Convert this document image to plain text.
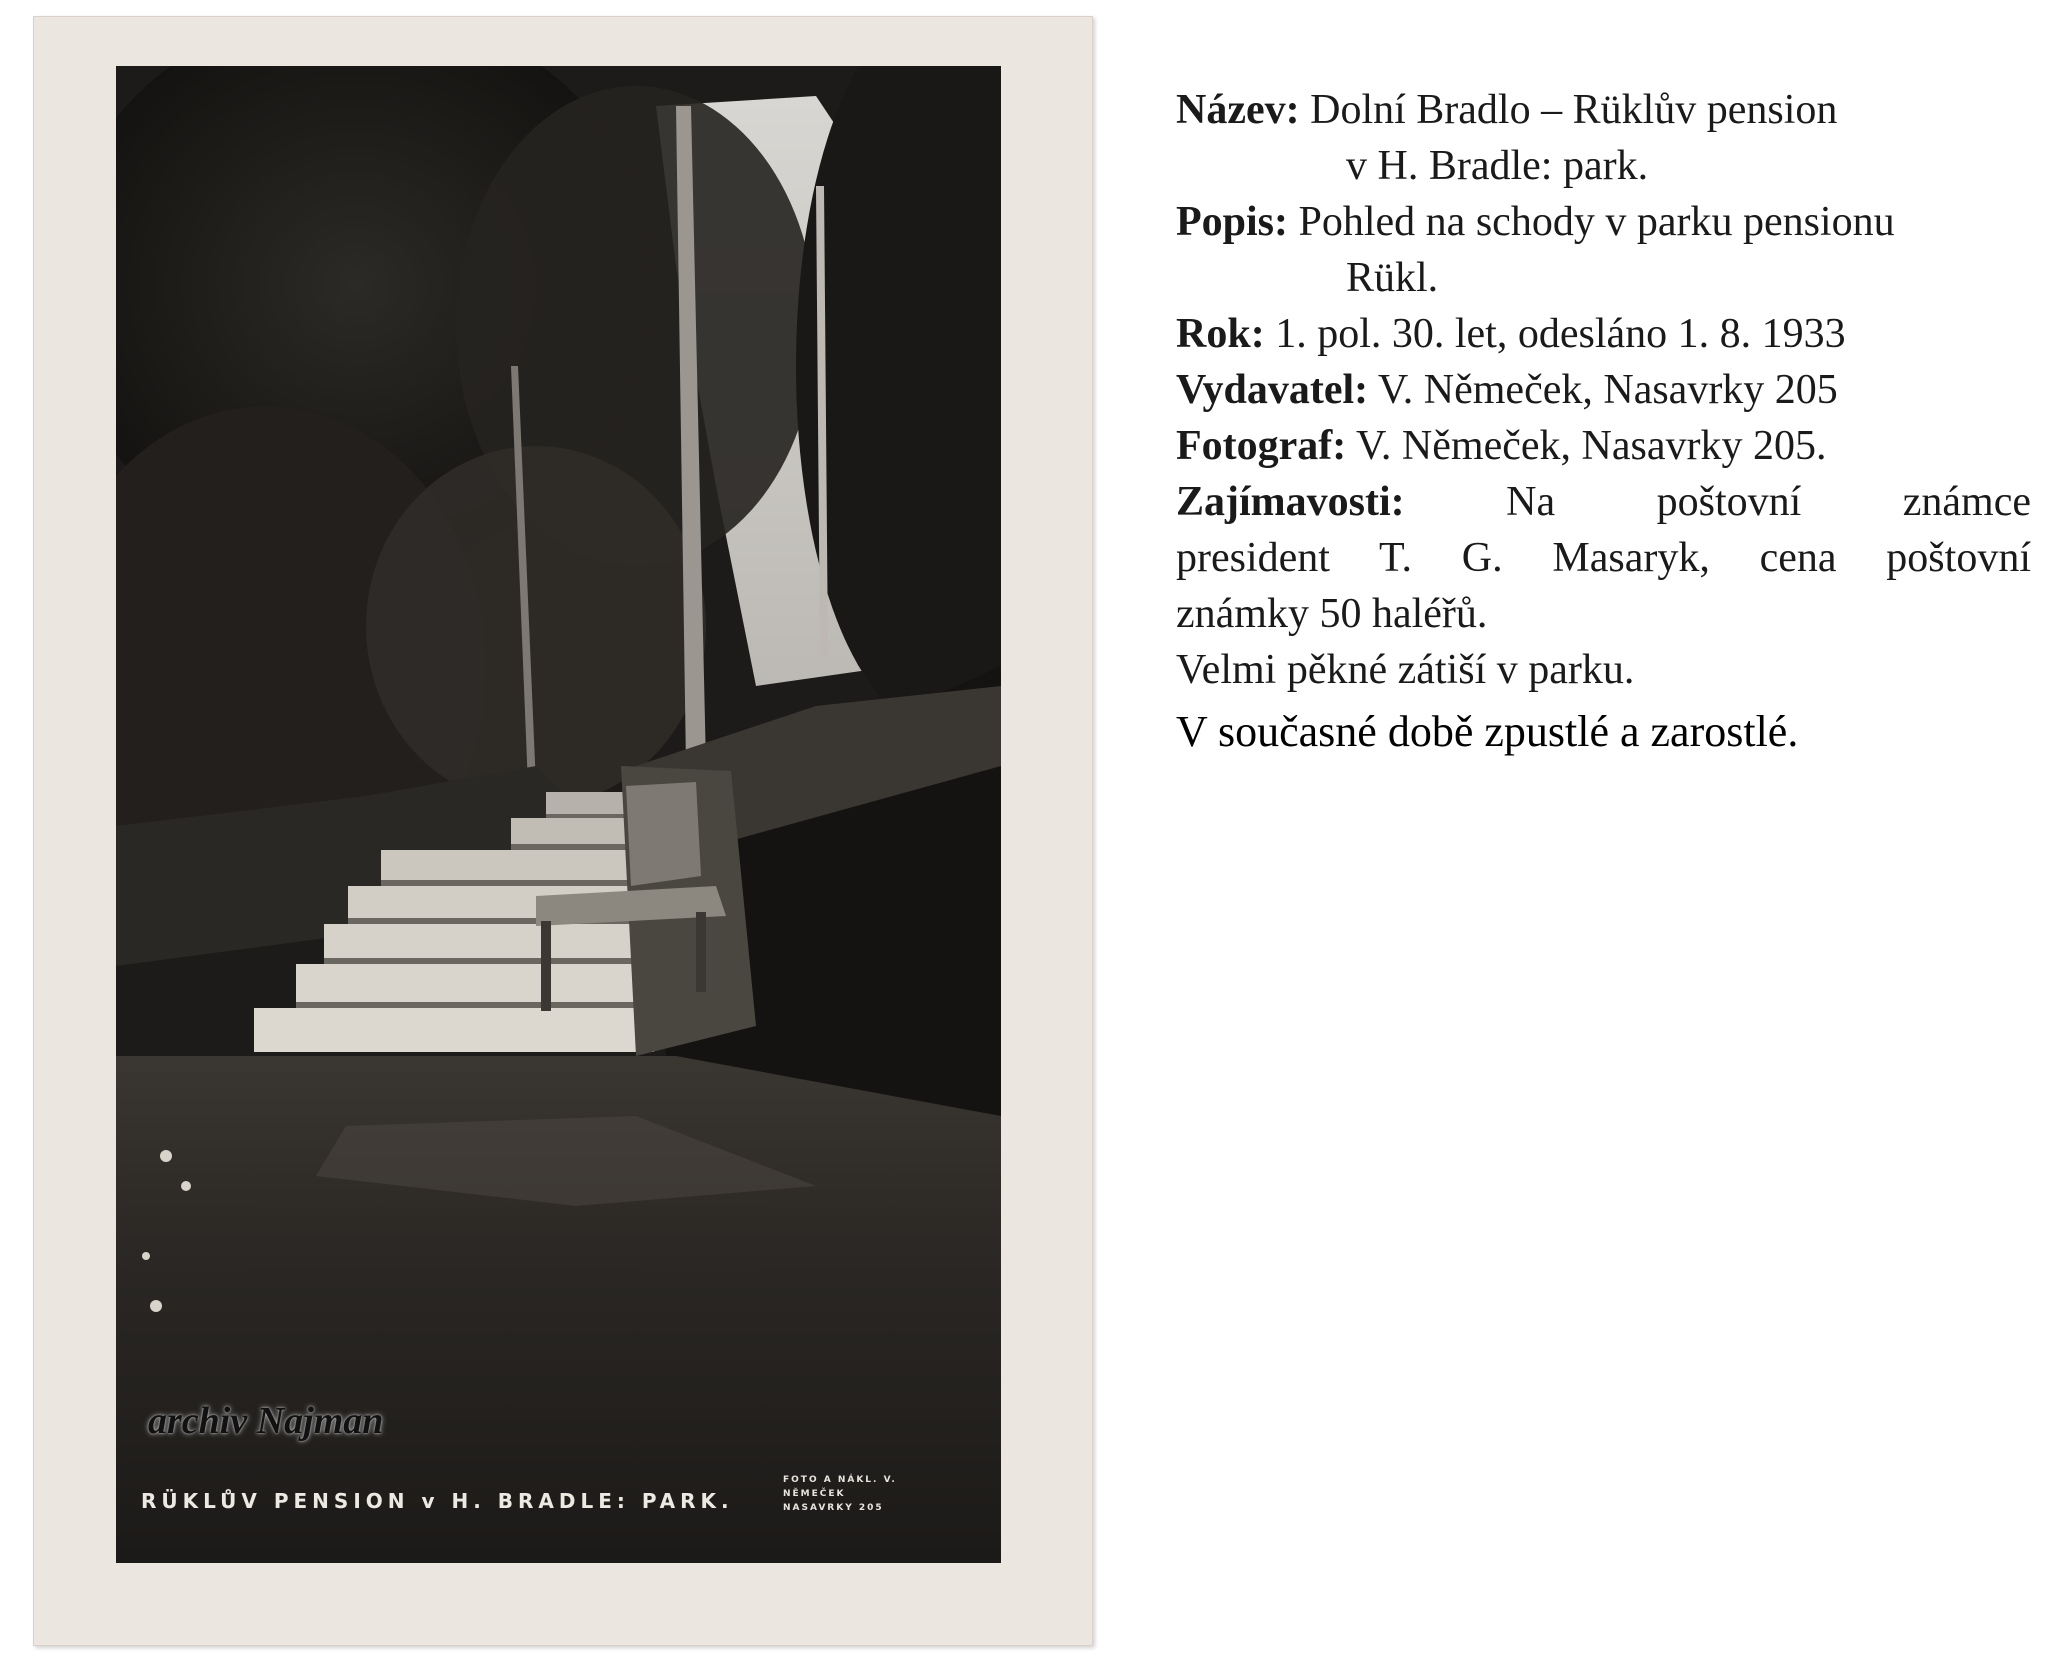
archiv Najman
RÜKLŮV PENSION v H. BRADLE: PARK.
FOTO A NÁKL. V. NĚMEČEK
NASAVRKY 205

Název: Dolní Bradlo – Rüklův pension
v H. Bradle: park.

Popis: Pohled na schody v parku pensionu
Rükl.

Rok: 1. pol. 30. let, odesláno 1. 8. 1933

Vydavatel: V. Němeček, Nasavrky 205

Fotograf: V. Němeček, Nasavrky 205.

Zajímavosti: Na poštovní známce

president T. G. Masaryk, cena poštovní

známky 50 haléřů.

Velmi pěkné zátiší v parku.

V současné době zpustlé a zarostlé.
